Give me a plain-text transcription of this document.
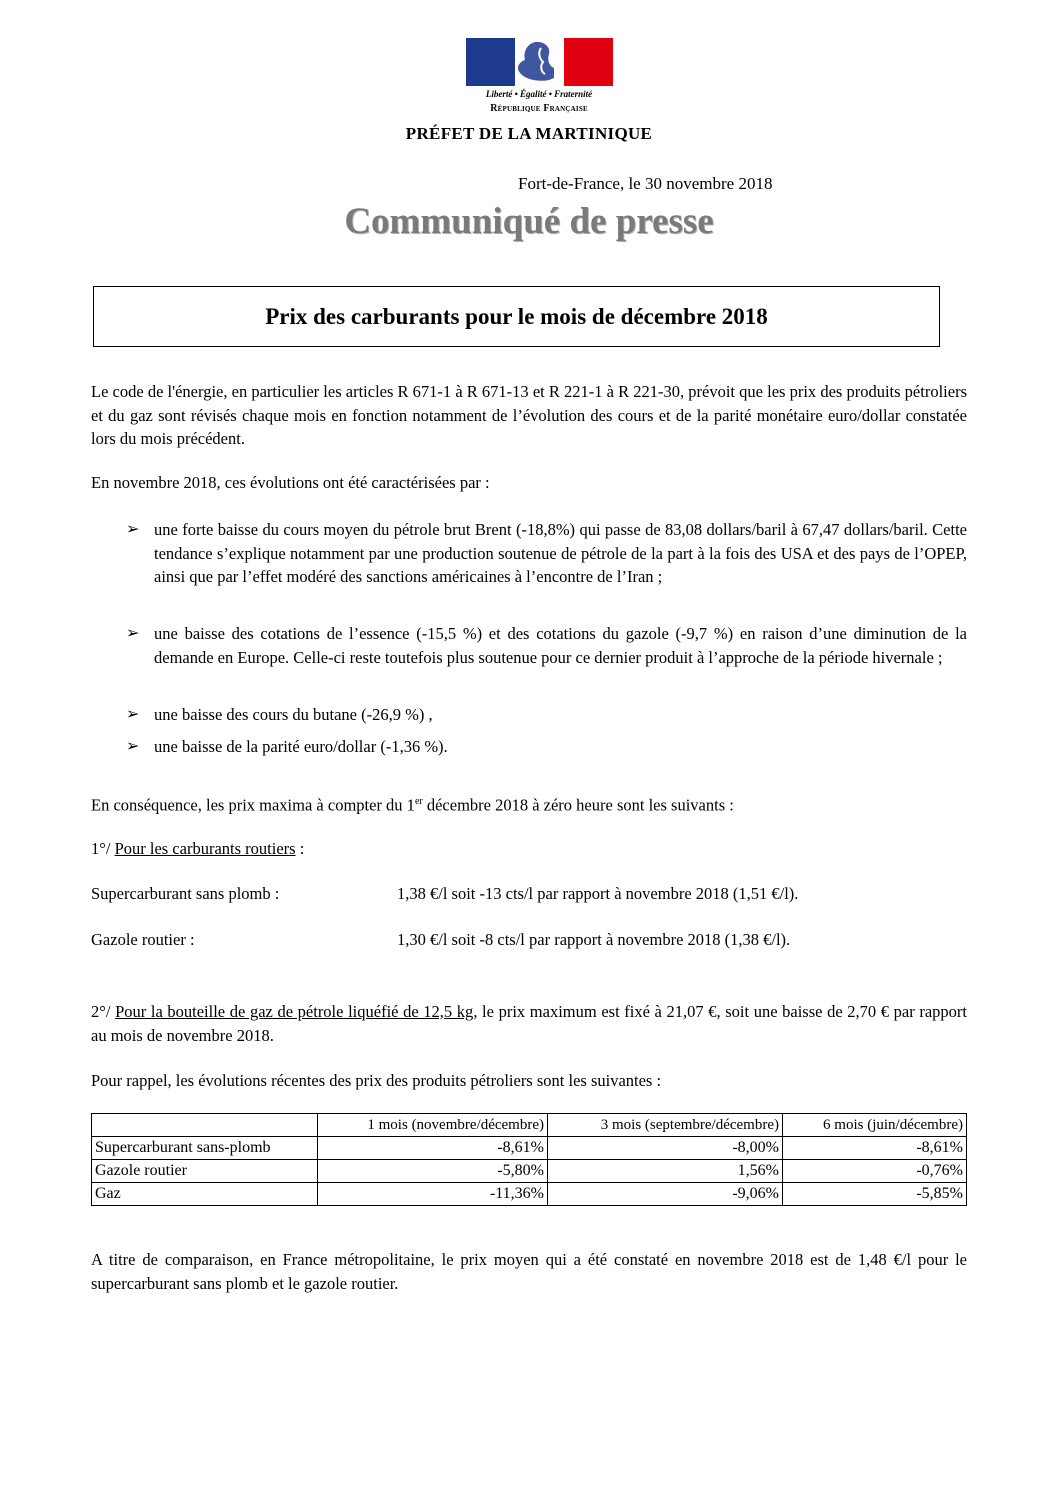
Liberté • Égalité • Fraternité
République Française
PRÉFET DE LA MARTINIQUE
Fort-de-France, le 30 novembre 2018
Communiqué de presse
Prix des carburants pour le mois de décembre 2018
Le code de l'énergie, en particulier les articles R 671-1 à R 671-13 et R 221-1 à R 221-30, prévoit que les prix des produits pétroliers et du gaz sont révisés chaque mois en fonction notamment de l’évolution des cours et de la parité monétaire euro/dollar constatée lors du mois précédent.
En novembre 2018, ces évolutions ont été caractérisées par :
➢ une forte baisse du cours moyen du pétrole brut Brent (-18,8%) qui passe de 83,08 dollars/baril à 67,47 dollars/baril. Cette tendance s’explique notamment par une production soutenue de pétrole de la part à la fois des USA et des pays de l’OPEP, ainsi que par l’effet modéré des sanctions américaines à l’encontre de l’Iran ;
➢ une baisse des cotations de l’essence (-15,5 %) et des cotations du gazole (-9,7 %) en raison d’une diminution de la demande en Europe. Celle-ci reste toutefois plus soutenue pour ce dernier produit à l’approche de la période hivernale ;
➢ une baisse des cours du butane (-26,9 %) ,
➢ une baisse de la parité euro/dollar (-1,36 %).
En conséquence, les prix maxima à compter du 1er décembre 2018 à zéro heure sont les suivants :
1°/ Pour les carburants routiers :
Supercarburant sans plomb :	1,38 €/l soit -13 cts/l par rapport à novembre 2018 (1,51 €/l).
Gazole routier :	1,30 €/l soit -8 cts/l par rapport à novembre 2018 (1,38 €/l).
2°/ Pour la bouteille de gaz de pétrole liquéfié de 12,5 kg, le prix maximum est fixé à 21,07 €, soit une baisse de 2,70 € par rapport au mois de novembre 2018.
Pour rappel, les évolutions récentes des prix des produits pétroliers sont les suivantes :
	1 mois (novembre/décembre)	3 mois (septembre/décembre)	6 mois (juin/décembre)
Supercarburant sans-plomb	-8,61%	-8,00%	-8,61%
Gazole routier	-5,80%	1,56%	-0,76%
Gaz	-11,36%	-9,06%	-5,85%
A titre de comparaison, en France métropolitaine, le prix moyen qui a été constaté en novembre 2018 est de 1,48 €/l pour le supercarburant sans plomb et le gazole routier.
